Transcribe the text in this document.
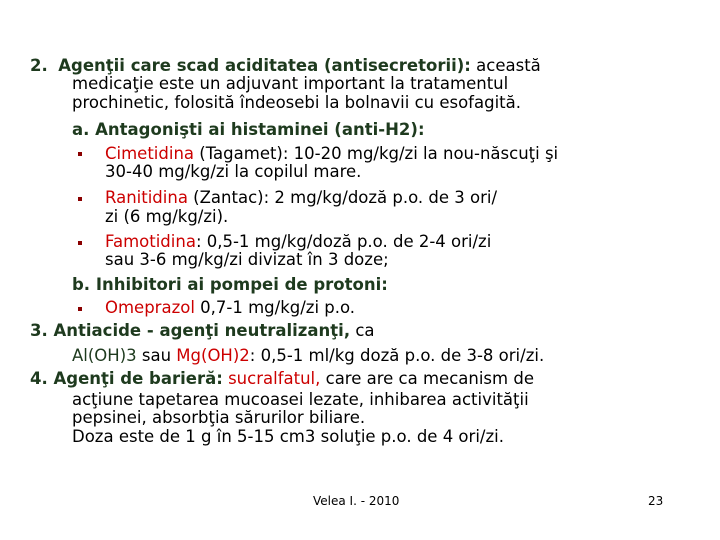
2. Agenţii care scad aciditatea (antisecretorii): această
medicaţie este un adjuvant important la tratamentul
prochinetic, folosită îndeosebi la bolnavii cu esofagită.
a. Antagonişti ai histaminei (anti-H2):
Cimetidina (Tagamet): 10-20 mg/kg/zi la nou-născuţi şi
30-40 mg/kg/zi la copilul mare.
Ranitidina (Zantac): 2 mg/kg/doză p.o. de 3 ori/
zi (6 mg/kg/zi).
Famotidina: 0,5-1 mg/kg/doză p.o. de 2-4 ori/zi
sau 3-6 mg/kg/zi divizat în 3 doze;
b. Inhibitori ai pompei de protoni:
Omeprazol 0,7-1 mg/kg/zi p.o.
3. Antiacide - agenţi neutralizanţi, ca
Al(OH)3 sau Mg(OH)2: 0,5-1 ml/kg doză p.o. de 3-8 ori/zi.
4. Agenţi de barieră: sucralfatul, care are ca mecanism de
acţiune tapetarea mucoasei lezate, inhibarea activităţii
pepsinei, absorbţia sărurilor biliare.
Doza este de 1 g în 5-15 cm3 soluţie p.o. de 4 ori/zi.
Velea I. - 2010	23
